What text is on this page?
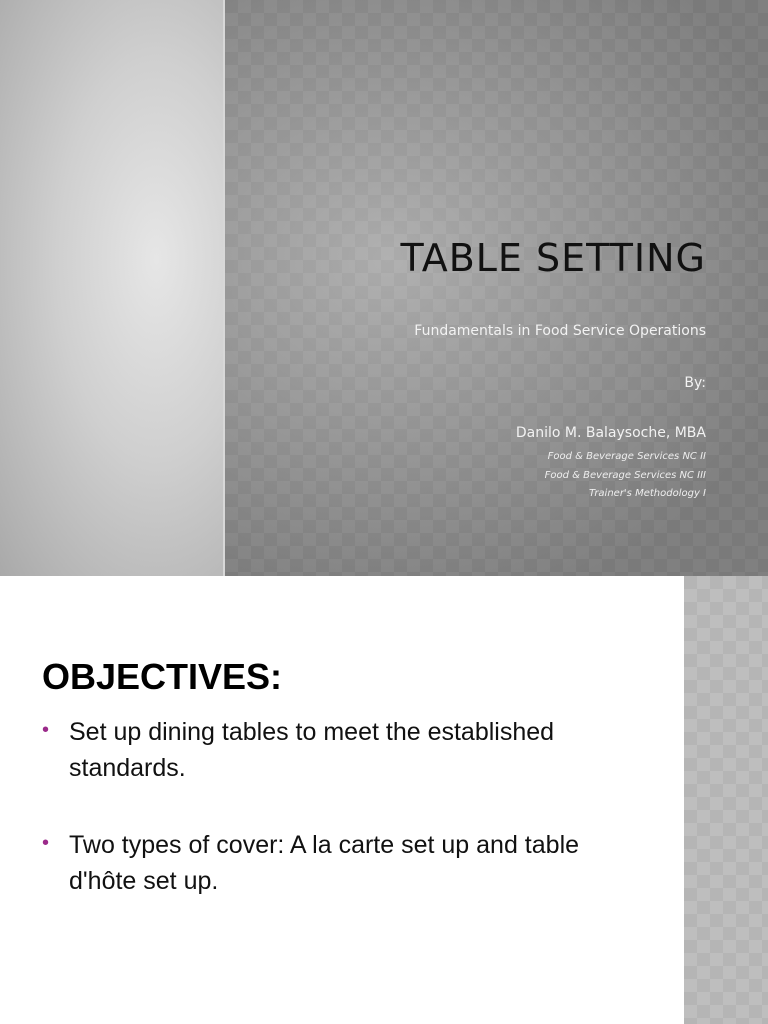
TABLE SETTING
Fundamentals in Food Service Operations
By:
Danilo M. Balaysoche, MBA
Food & Beverage Services NC II
Food & Beverage Services NC III
Trainer's Methodology I
OBJECTIVES:
• Set up dining tables to meet the established standards.
• Two types of cover: A la carte set up and table d'hôte set up.
